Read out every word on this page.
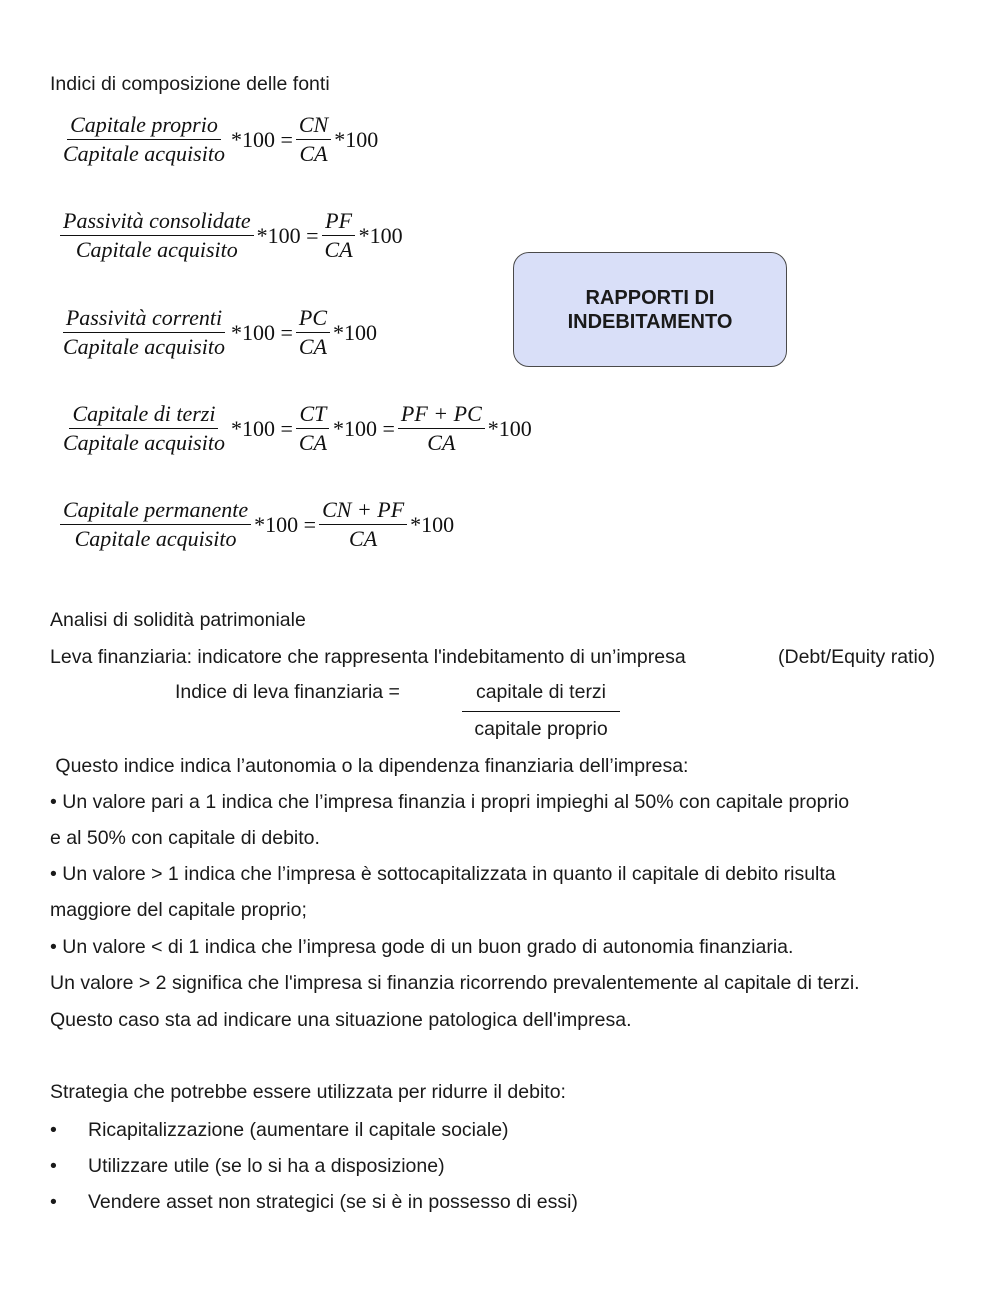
Indici di composizione delle fonti
$\frac{\text{Capitale proprio}}{\text{Capitale acquisito}} *100 = \frac{CN}{CA} *100$
$\frac{\text{Passività consolidate}}{\text{Capitale acquisito}} *100 = \frac{PF}{CA} *100$
$\frac{\text{Passività correnti}}{\text{Capitale acquisito}} *100 = \frac{PC}{CA} *100$
$\frac{\text{Capitale di terzi}}{\text{Capitale acquisito}} *100 = \frac{CT}{CA} *100 = \frac{PF + PC}{CA} *100$
$\frac{\text{Capitale permanente}}{\text{Capitale acquisito}} *100 = \frac{CN + PF}{CA} *100$
RAPPORTI DI INDEBITAMENTO
Analisi di solidità patrimoniale
Leva finanziaria: indicatore che rappresenta l'indebitamento di un’impresa	(Debt/Equity ratio)
Indice di leva finanziaria =	capitale di terzi
capitale proprio
Questo indice indica l’autonomia o la dipendenza finanziaria dell’impresa:
• Un valore pari a 1 indica che l’impresa finanzia i propri impieghi al 50% con capitale proprio
e al 50% con capitale di debito.
• Un valore > 1 indica che l’impresa è sottocapitalizzata in quanto il capitale di debito risulta
maggiore del capitale proprio;
• Un valore < di 1 indica che l’impresa gode di un buon grado di autonomia finanziaria.
Un valore > 2 significa che l'impresa si finanzia ricorrendo prevalentemente al capitale di terzi.
Questo caso sta ad indicare una situazione patologica dell'impresa.
Strategia che potrebbe essere utilizzata per ridurre il debito:
• Ricapitalizzazione (aumentare il capitale sociale)
• Utilizzare utile (se lo si ha a disposizione)
• Vendere asset non strategici (se si è in possesso di essi)
